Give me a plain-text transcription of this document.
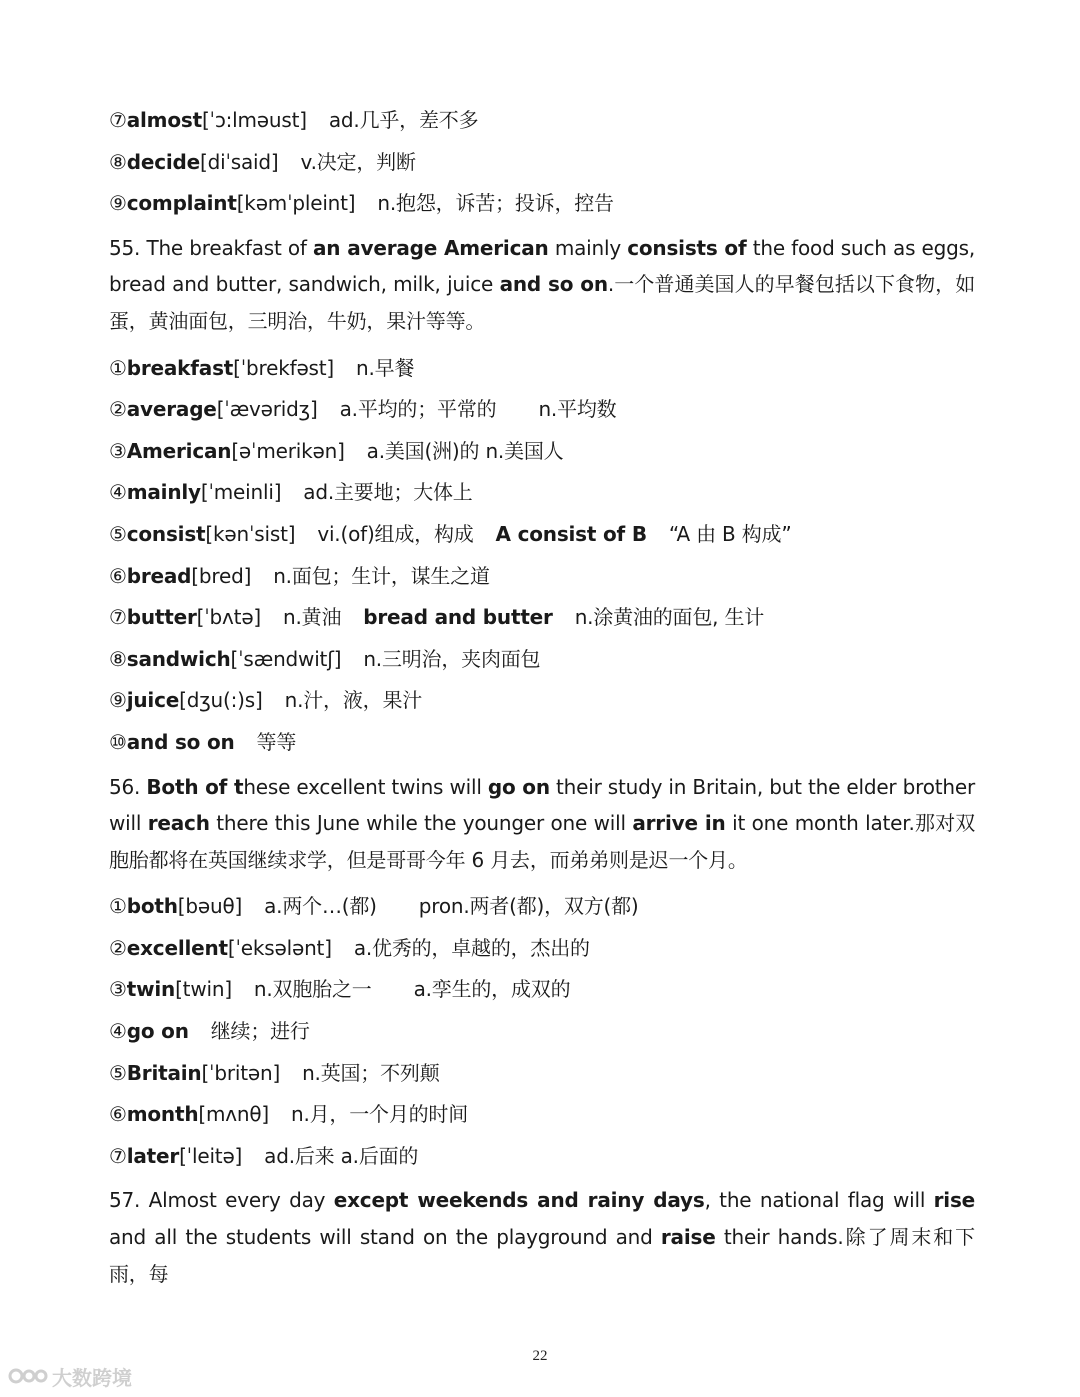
⑦almost[ˈɔ:lməust] ad.几乎，差不多
⑧decide[diˈsaid] v.决定，判断
⑨complaint[kəmˈpleint] n.抱怨，诉苦；投诉，控告
55. The breakfast of an average American mainly consists of the food such as eggs, bread and butter, sandwich, milk, juice and so on.一个普通美国人的早餐包括以下食物，如蛋，黄油面包，三明治，牛奶，果汁等等。
①breakfast[ˈbrekfəst] n.早餐
②average[ˈævəridʒ] a.平均的；平常的 n.平均数
③American[əˈmerikən] a.美国(洲)的 n.美国人
④mainly[ˈmeinli] ad.主要地；大体上
⑤consist[kənˈsist] vi.(of)组成，构成 A consist of B “A 由 B 构成”
⑥bread[bred] n.面包；生计，谋生之道
⑦butter[ˈbʌtə] n.黄油 bread and butter n.涂黄油的面包, 生计
⑧sandwich[ˈsændwitʃ] n.三明治，夹肉面包
⑨juice[dʒu(:)s] n.汁，液，果汁
⑩and so on 等等
56. Both of these excellent twins will go on their study in Britain, but the elder brother will reach there this June while the younger one will arrive in it one month later.那对双胞胎都将在英国继续求学，但是哥哥今年 6 月去，而弟弟则是迟一个月。
①both[bəuθ] a.两个…(都) pron.两者(都)，双方(都)
②excellent[ˈeksələnt] a.优秀的，卓越的，杰出的
③twin[twin] n.双胞胎之一 a.孪生的，成双的
④go on 继续；进行
⑤Britain[ˈbritən] n.英国；不列颠
⑥month[mʌnθ] n.月，一个月的时间
⑦later[ˈleitə] ad.后来 a.后面的
57. Almost every day except weekends and rainy days, the national flag will rise and all the students will stand on the playground and raise their hands.除了周末和下雨，每
22
大数跨境
